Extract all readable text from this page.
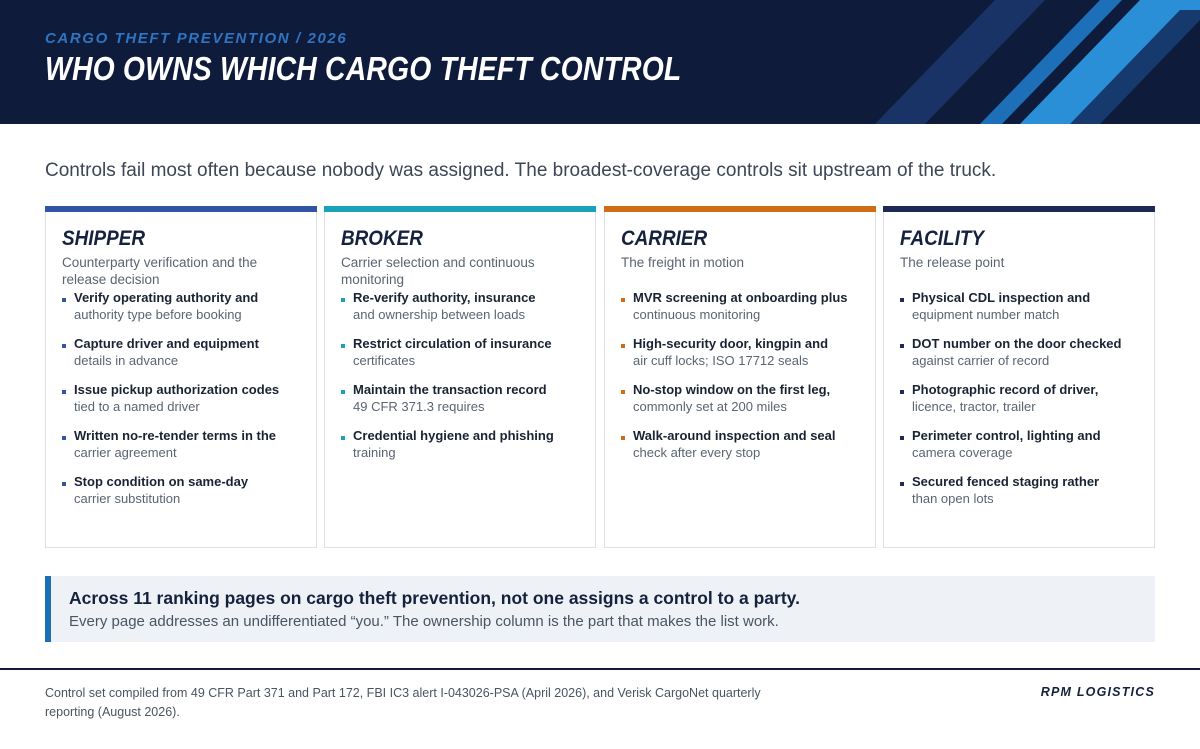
CARGO THEFT PREVENTION / 2026
WHO OWNS WHICH CARGO THEFT CONTROL
Controls fail most often because nobody was assigned. The broadest-coverage controls sit upstream of the truck.
SHIPPER
Counterparty verification and the release decision
Verify operating authority and
authority type before booking
Capture driver and equipment
details in advance
Issue pickup authorization codes
tied to a named driver
Written no-re-tender terms in the
carrier agreement
Stop condition on same-day
carrier substitution
BROKER
Carrier selection and continuous monitoring
Re-verify authority, insurance
and ownership between loads
Restrict circulation of insurance
certificates
Maintain the transaction record
49 CFR 371.3 requires
Credential hygiene and phishing
training
CARRIER
The freight in motion
MVR screening at onboarding plus
continuous monitoring
High-security door, kingpin and
air cuff locks; ISO 17712 seals
No-stop window on the first leg,
commonly set at 200 miles
Walk-around inspection and seal
check after every stop
FACILITY
The release point
Physical CDL inspection and
equipment number match
DOT number on the door checked
against carrier of record
Photographic record of driver,
licence, tractor, trailer
Perimeter control, lighting and
camera coverage
Secured fenced staging rather
than open lots
Across 11 ranking pages on cargo theft prevention, not one assigns a control to a party.
Every page addresses an undifferentiated “you.” The ownership column is the part that makes the list work.
Control set compiled from 49 CFR Part 371 and Part 172, FBI IC3 alert I-043026-PSA (April 2026), and Verisk CargoNet quarterly reporting (August 2026).
RPM LOGISTICS
